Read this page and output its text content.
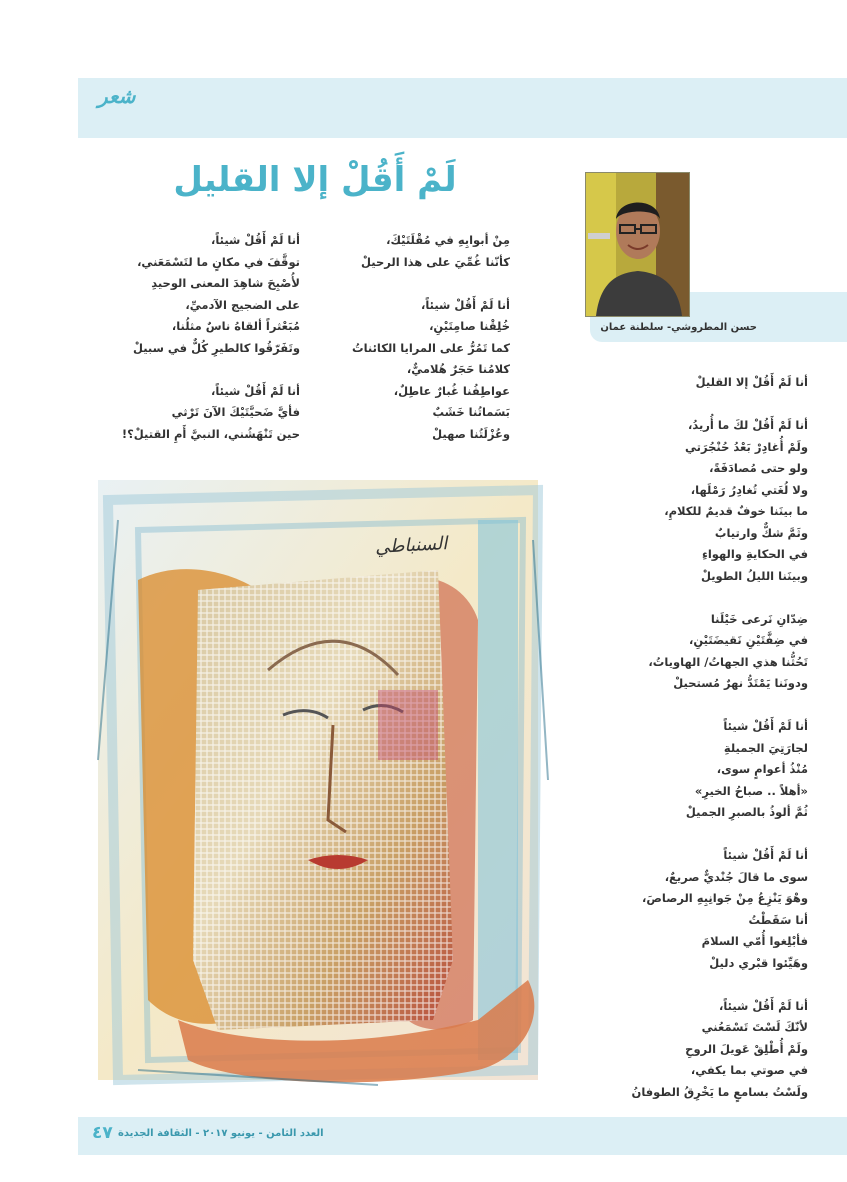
شعر
لَمْ أَقُلْ إلا القليل
حسن المطروشي- سلطنة عمان
أنا لَمْ أَقُلْ شيئاً،
توقَّفَ في مكانٍ ما لتَسْمَعَني،
لأُصْبِحَ شاهِدَ المعنى الوحيدِ
على الضجيج الآدميِّ،
مُبَعْثراً ألقاهُ ناسٌ مثلُنا،
وتَفَرّقُوا كالطيرِ كُلٌّ في سبيلْ
أنا لَمْ أَقُلْ شيئاً،
فأيَّ ضَحيَّتَيْكَ الآنَ تَرْثي
حين تَنْهَشُني، النبيَّ أَمِ القتيلْ؟!
مِنْ أبوابِهِ في مُقْلَتَيْكَ،
كأنّنا غُمِّيَ على هذا الرحيلْ
أنا لَمْ أَقُلْ شيئاً،
خُلِقْنا صامِتَيْنِ،
كما تَمُرُّ على المرايا الكائناتُ
كلامُنا حَجَرٌ هُلاميٌّ،
عواطِفُنا غُبارٌ عاطِلٌ،
بَسَماتُنا خَشَبٌ
وعُزْلَتُنا صهيلْ
أنا لَمْ أَقُلْ إلا القليلْ
أنا لَمْ أَقُلْ لكَ ما أُريدُ،
ولَمْ أُغادِرْ بَعْدُ حُنْجُرَتي
ولو حتى مُصادَفَةً،
ولا لُغَتي تُغادِرُ رَمْلَها،
ما بينَنا خوفٌ قديمٌ للكلامِ،
وثَمَّ شكٌّ وارتيابٌ
في الحكايةِ والهواءِ
وبينَنا الليلُ الطويلْ
ضِدّانِ نَرعى خَيْلَنا
في ضِفَّتَيْنِ نَقيضَتَيْنِ،
تَحُثُّنا هذي الجهاتُ/ الهاوياتُ،
ودونَنا يَمْتَدُّ نهرٌ مُستحيلْ
أنا لَمْ أَقُلْ شيئاً
لجارَتِيَ الجميلةِ
مُنْذُ أعوامٍ سوى،
«أهلاً .. صباحُ الخيرِ»
ثُمَّ ألوذُ بالصبرِ الجميلْ
أنا لَمْ أَقُلْ شيئاً
سوى ما قالَ جُنْديٌّ صريعٌ،
وهْوَ يَنْزِعُ مِنْ جَوانِبِهِ الرصاصَ،
أنا سَقَطْتُ
فأبْلِغوا أُمّي السلامَ
وهَيِّئوا قبْري دليلْ
أنا لَمْ أَقُلْ شيئاً،
لأنّكَ لَسْتَ تَسْمَعُني
ولَمْ أُطْلِقْ عَويلَ الروحِ
في صوتي بما يكفي،
ولَسْتُ بسامعٍ ما يَخْرِقُ الطوفانُ
السنباطي
٤٧ العدد الثامن - يونيو ٢٠١٧ - الثقافة الجديدة
